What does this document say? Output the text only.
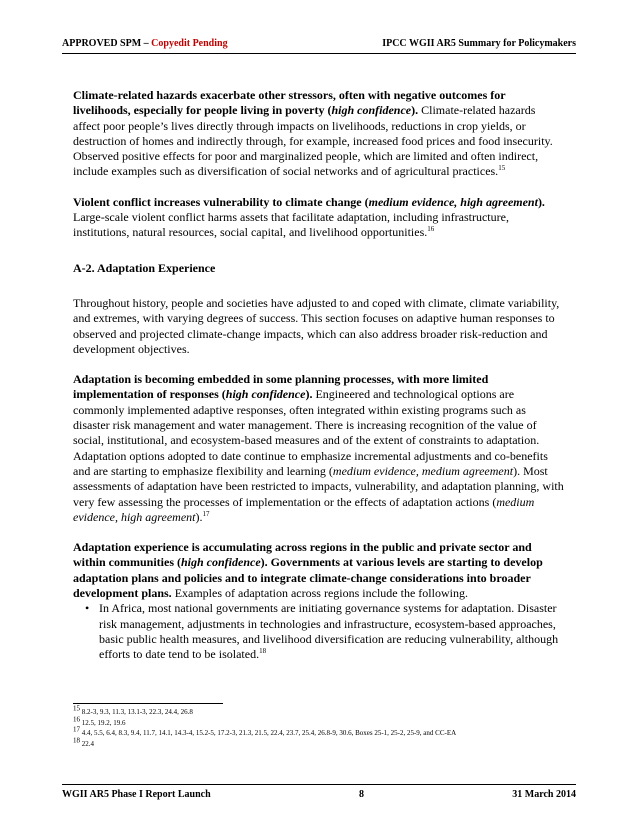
APPROVED SPM – Copyedit Pending	IPCC WGII AR5 Summary for Policymakers

Climate-related hazards exacerbate other stressors, often with negative outcomes for livelihoods, especially for people living in poverty (high confidence). Climate-related hazards affect poor people’s lives directly through impacts on livelihoods, reductions in crop yields, or destruction of homes and indirectly through, for example, increased food prices and food insecurity. Observed positive effects for poor and marginalized people, which are limited and often indirect, include examples such as diversification of social networks and of agricultural practices.$^{15}$

Violent conflict increases vulnerability to climate change (medium evidence, high agreement). Large-scale violent conflict harms assets that facilitate adaptation, including infrastructure, institutions, natural resources, social capital, and livelihood opportunities.$^{16}$

A-2. Adaptation Experience

Throughout history, people and societies have adjusted to and coped with climate, climate variability, and extremes, with varying degrees of success. This section focuses on adaptive human responses to observed and projected climate-change impacts, which can also address broader risk-reduction and development objectives.

Adaptation is becoming embedded in some planning processes, with more limited implementation of responses (high confidence). Engineered and technological options are commonly implemented adaptive responses, often integrated within existing programs such as disaster risk management and water management. There is increasing recognition of the value of social, institutional, and ecosystem-based measures and of the extent of constraints to adaptation. Adaptation options adopted to date continue to emphasize incremental adjustments and co-benefits and are starting to emphasize flexibility and learning (medium evidence, medium agreement). Most assessments of adaptation have been restricted to impacts, vulnerability, and adaptation planning, with very few assessing the processes of implementation or the effects of adaptation actions (medium evidence, high agreement).$^{17}$

Adaptation experience is accumulating across regions in the public and private sector and within communities (high confidence). Governments at various levels are starting to develop adaptation plans and policies and to integrate climate-change considerations into broader development plans. Examples of adaptation across regions include the following.

• In Africa, most national governments are initiating governance systems for adaptation. Disaster risk management, adjustments in technologies and infrastructure, ecosystem-based approaches, basic public health measures, and livelihood diversification are reducing vulnerability, although efforts to date tend to be isolated.$^{18}$
$^{15}$ 8.2-3, 9.3, 11.3, 13.1-3, 22.3, 24.4, 26.8
$^{16}$ 12.5, 19.2, 19.6
$^{17}$ 4.4, 5.5, 6.4, 8.3, 9.4, 11.7, 14.1, 14.3-4, 15.2-5, 17.2-3, 21.3, 21.5, 22.4, 23.7, 25.4, 26.8-9, 30.6, Boxes 25-1, 25-2, 25-9, and CC-EA
$^{18}$ 22.4
WGII AR5 Phase I Report Launch	8	31 March 2014
